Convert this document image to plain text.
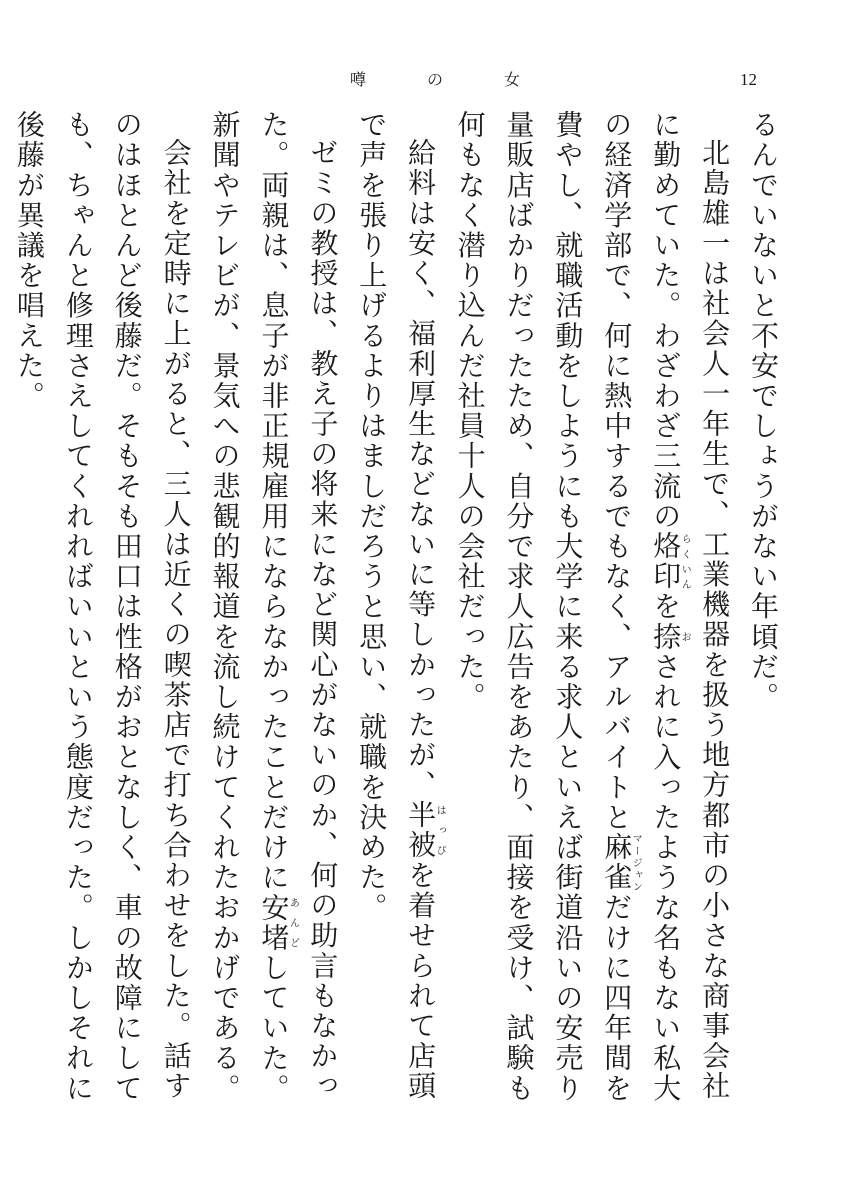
噂	の	女	12

るんでいないと不安でしょうがない年頃だ。

北島雄一は社会人一年生で、工業機器を扱う地方都市の小さな商事会社に勤めていた。わざわざ三流の烙印らくいんを捺おされに入ったような名もない私大の経済学部で、何に熱中するでもなく、アルバイトと麻雀マージャンだけに四年間を費やし、就職活動をしようにも大学に来る求人といえば街道沿いの安売り量販店ばかりだったため、自分で求人広告をあたり、面接を受け、試験も何もなく潜り込んだ社員十人の会社だった。

給料は安く、福利厚生などないに等しかったが、半被はっぴを着せられて店頭で声を張り上げるよりはましだろうと思い、就職を決めた。

ゼミの教授は、教え子の将来になど関心がないのか、何の助言もなかった。両親は、息子が非正規雇用にならなかったことだけに安堵あんどしていた。新聞やテレビが、景気への悲観的報道を流し続けてくれたおかげである。

会社を定時に上がると、三人は近くの喫茶店で打ち合わせをした。話すのはほとんど後藤だ。そもそも田口は性格がおとなしく、車の故障にしても、ちゃんと修理さえしてくれればいいという態度だった。しかしそれに後藤が異議を唱えた。
